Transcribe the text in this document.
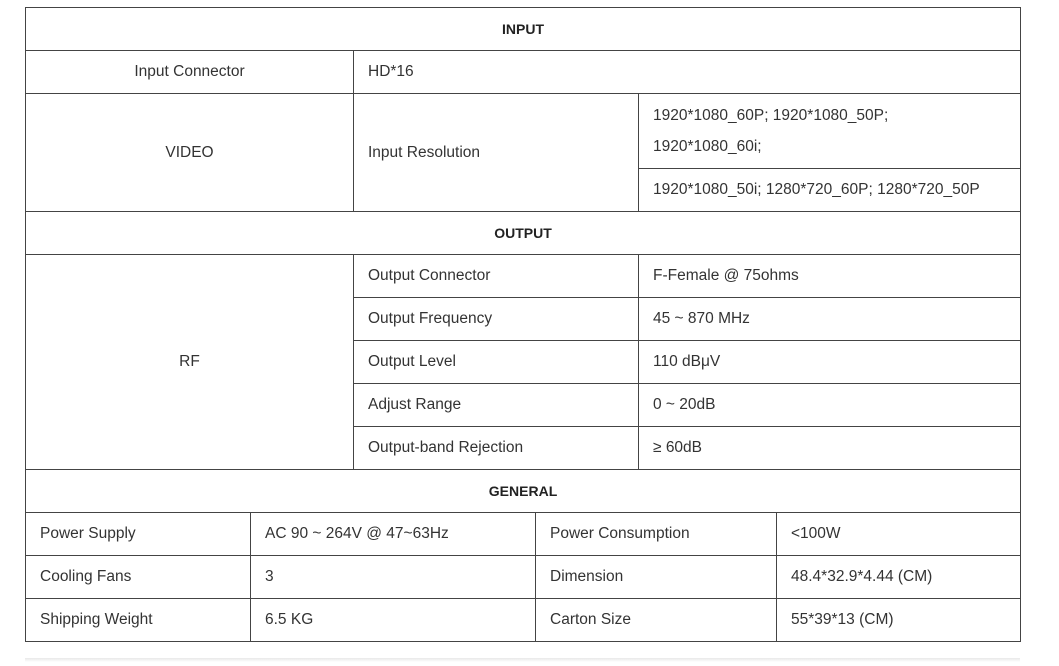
INPUT					
Input Connector		HD*16			
VIDEO		Input Resolution		1920*1080_60P; 1920*1080_50P;
1920*1080_60i;	

				1920*1080_50i; 1280*720_60P; 1280*720_50P	
OUTPUT					
RF		Output Connector		F-Female @ 75ohms	
		Output Frequency		45 ~ 870 MHz	
		Output Level		110 dBμV	
		Adjust Range		0 ~ 20dB	
		Output-band Rejection		≥ 60dB	
GENERAL					
Power Supply	AC 90 ~ 264V @ 47~63Hz		Power Consumption		<100W
Cooling Fans	3		Dimension		48.4*32.9*4.44 (CM)
Shipping Weight	6.5 KG		Carton Size		55*39*13 (CM)
